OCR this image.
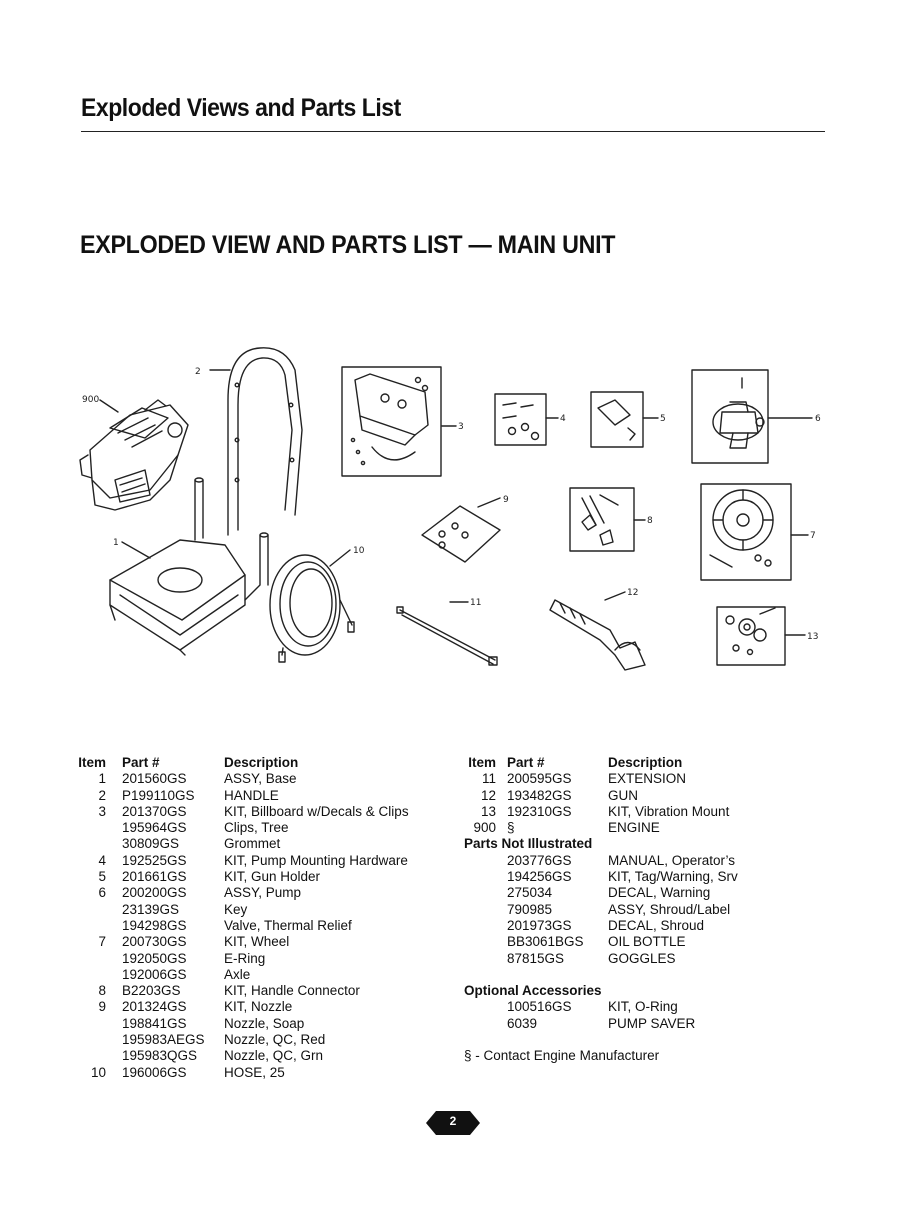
Exploded Views and Parts List
EXPLODED VIEW AND PARTS LIST — MAIN UNIT
900
2
3
4	5	6
1
10
9
8
7
11
12
13
Item Part #	Description
1 201560GS	ASSY, Base
2 P199110GS HANDLE
3 201370GS	KIT, Billboard w/Decals & Clips
195964GS	Clips, Tree
30809GS	Grommet
4 192525GS	KIT, Pump Mounting Hardware
5 201661GS	KIT, Gun Holder
6 200200GS	ASSY, Pump
23139GS	Key
194298GS	Valve, Thermal Relief
7 200730GS	KIT, Wheel
192050GS	E-Ring
192006GS	Axle
8 B2203GS	KIT, Handle Connector
9 201324GS	KIT, Nozzle
198841GS	Nozzle, Soap
195983AEGS Nozzle, QC, Red
195983QGS Nozzle, QC, Grn
10 196006GS	HOSE, 25
Item Part #	Description
11 200595GS	EXTENSION
12 193482GS	GUN
13 192310GS	KIT, Vibration Mount
900 §	ENGINE
Parts Not Illustrated
203776GS	MANUAL, Operator’s
194256GS	KIT, Tag/Warning, Srv
275034	DECAL, Warning
790985	ASSY, Shroud/Label
201973GS	DECAL, Shroud
BB3061BGS OIL BOTTLE
87815GS	GOGGLES
Optional Accessories
100516GS	KIT, O-Ring
6039	PUMP SAVER
§ - Contact Engine Manufacturer
2
